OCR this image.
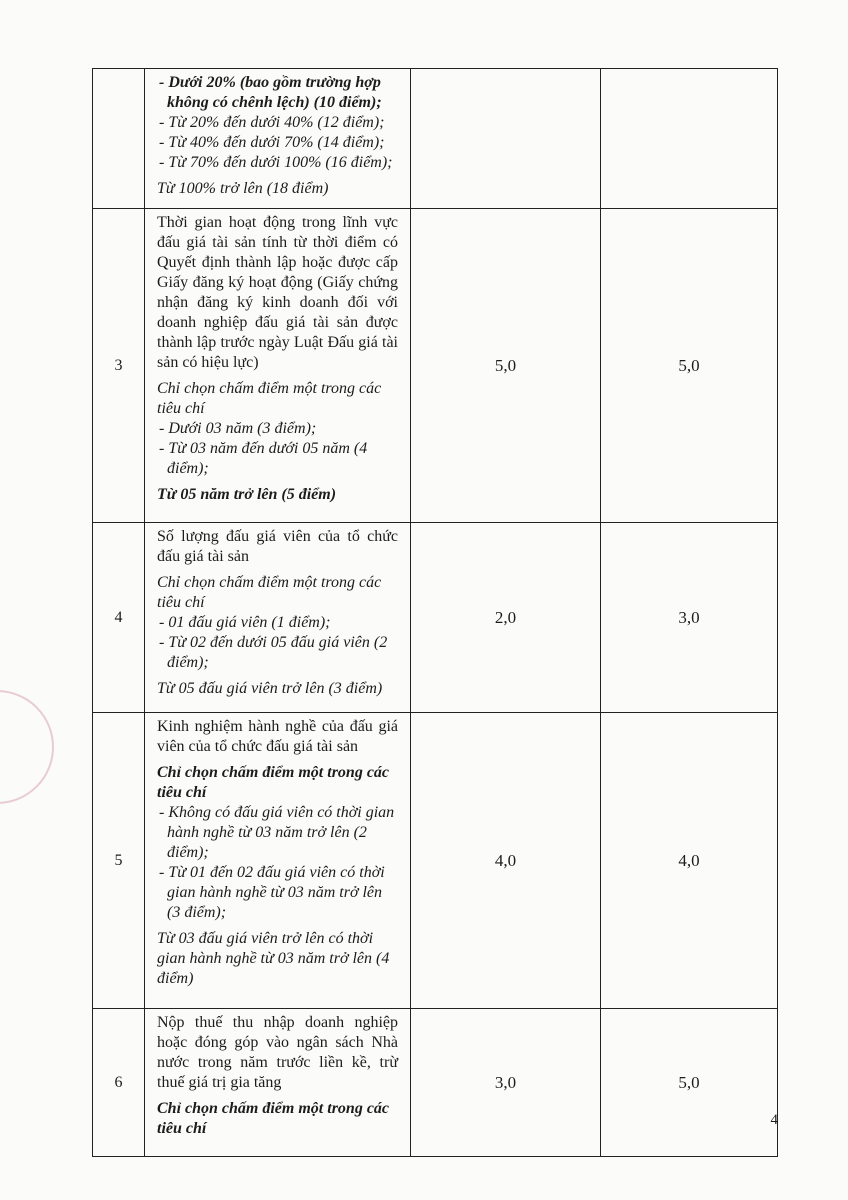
	- Dưới 20% (bao gồm trường hợp không có chênh lệch) (10 điểm);
- Từ 20% đến dưới 40% (12 điểm);
- Từ 40% đến dưới 70% (14 điểm);
- Từ 70% đến dưới 100% (16 điểm);
Từ 100% trở lên (18 điểm)		

3	Thời gian hoạt động trong lĩnh vực đấu giá tài sản tính từ thời điểm có Quyết định thành lập hoặc được cấp Giấy đăng ký hoạt động (Giấy chứng nhận đăng ký kinh doanh đối với doanh nghiệp đấu giá tài sản được thành lập trước ngày Luật Đấu giá tài sản có hiệu lực)
Chỉ chọn chấm điểm một trong các tiêu chí
- Dưới 03 năm (3 điểm);
- Từ 03 năm đến dưới 05 năm (4 điểm);
Từ 05 năm trở lên (5 điểm)	5,0	5,0
4	Số lượng đấu giá viên của tổ chức đấu giá tài sản
Chỉ chọn chấm điểm một trong các tiêu chí
- 01 đấu giá viên (1 điểm);
- Từ 02 đến dưới 05 đấu giá viên (2 điểm);
Từ 05 đấu giá viên trở lên (3 điểm)	2,0	3,0
5	Kinh nghiệm hành nghề của đấu giá viên của tổ chức đấu giá tài sản
Chỉ chọn chấm điểm một trong các tiêu chí
- Không có đấu giá viên có thời gian hành nghề từ 03 năm trở lên (2 điểm);
- Từ 01 đến 02 đấu giá viên có thời gian hành nghề từ 03 năm trở lên (3 điểm);
Từ 03 đấu giá viên trở lên có thời gian hành nghề từ 03 năm trở lên (4 điểm)	4,0	4,0
6	Nộp thuế thu nhập doanh nghiệp hoặc đóng góp vào ngân sách Nhà nước trong năm trước liền kề, trừ thuế giá trị gia tăng
Chỉ chọn chấm điểm một trong các tiêu chí	3,0	5,0
4
